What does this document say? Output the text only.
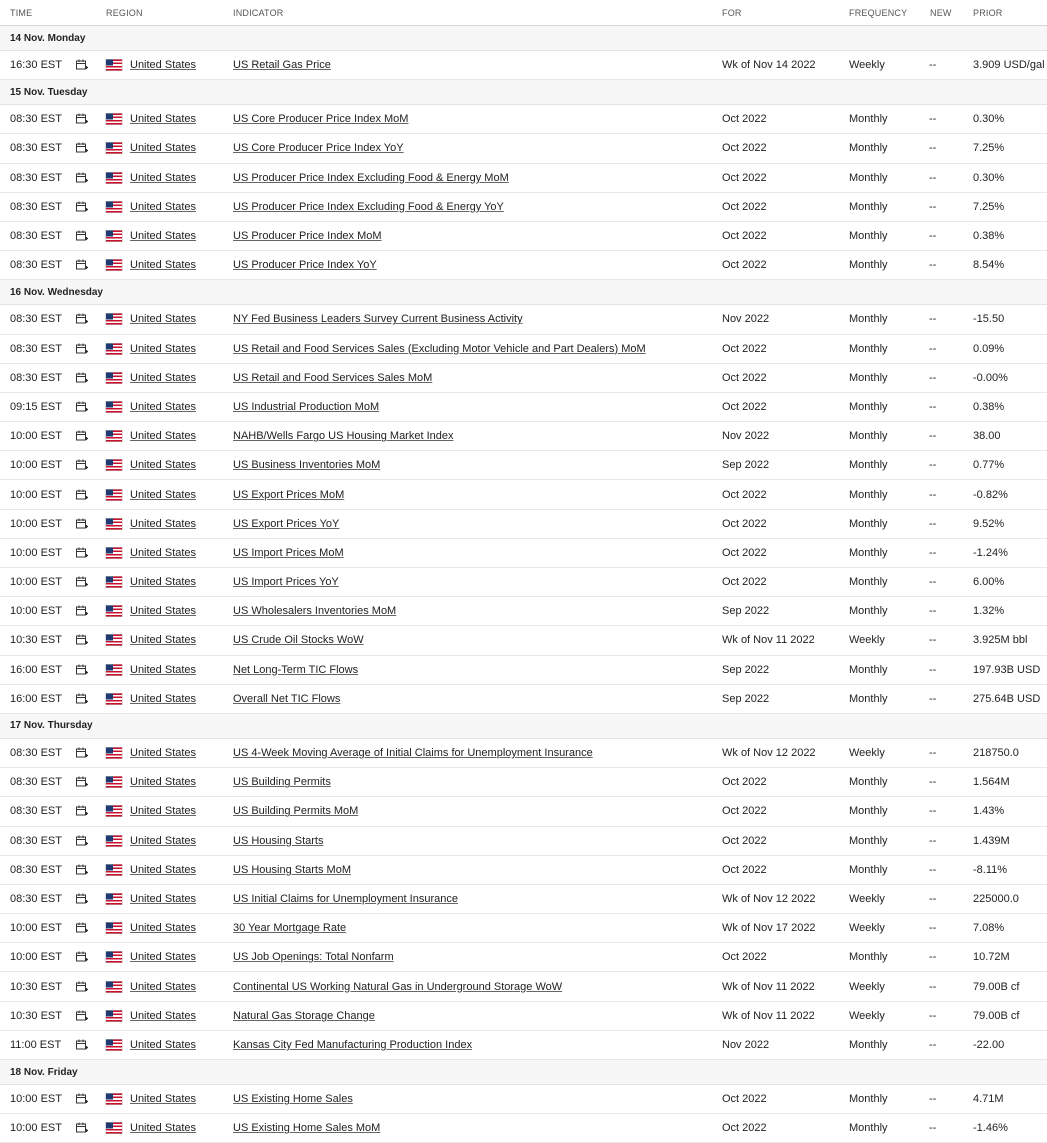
TIME	REGION	INDICATOR	FOR	FREQUENCY	NEW PRIOR
14 Nov. Monday
16:30 EST	United States	US Retail Gas Price	Wk of Nov 14 2022	Weekly	--	3.909 USD/gal
15 Nov. Tuesday
08:30 EST	United States	US Core Producer Price Index MoM	Oct 2022	Monthly	--	0.30%
08:30 EST	United States	US Core Producer Price Index YoY	Oct 2022	Monthly	--	7.25%
08:30 EST	United States	US Producer Price Index Excluding Food & Energy MoM	Oct 2022	Monthly	--	0.30%
08:30 EST	United States	US Producer Price Index Excluding Food & Energy YoY	Oct 2022	Monthly	--	7.25%
08:30 EST	United States	US Producer Price Index MoM	Oct 2022	Monthly	--	0.38%
08:30 EST	United States	US Producer Price Index YoY	Oct 2022	Monthly	--	8.54%
16 Nov. Wednesday
08:30 EST	United States	NY Fed Business Leaders Survey Current Business Activity	Nov 2022	Monthly	--	-15.50
08:30 EST	United States	US Retail and Food Services Sales (Excluding Motor Vehicle and Part Dealers) MoM	Oct 2022	Monthly	--	0.09%
08:30 EST	United States	US Retail and Food Services Sales MoM	Oct 2022	Monthly	--	-0.00%
09:15 EST	United States	US Industrial Production MoM	Oct 2022	Monthly	--	0.38%
10:00 EST	United States	NAHB/Wells Fargo US Housing Market Index	Nov 2022	Monthly	--	38.00
10:00 EST	United States	US Business Inventories MoM	Sep 2022	Monthly	--	0.77%
10:00 EST	United States	US Export Prices MoM	Oct 2022	Monthly	--	-0.82%
10:00 EST	United States	US Export Prices YoY	Oct 2022	Monthly	--	9.52%
10:00 EST	United States	US Import Prices MoM	Oct 2022	Monthly	--	-1.24%
10:00 EST	United States	US Import Prices YoY	Oct 2022	Monthly	--	6.00%
10:00 EST	United States	US Wholesalers Inventories MoM	Sep 2022	Monthly	--	1.32%
10:30 EST	United States	US Crude Oil Stocks WoW	Wk of Nov 11 2022	Weekly	--	3.925M bbl
16:00 EST	United States	Net Long-Term TIC Flows	Sep 2022	Monthly	--	197.93B USD
16:00 EST	United States	Overall Net TIC Flows	Sep 2022	Monthly	--	275.64B USD
17 Nov. Thursday
08:30 EST	United States	US 4-Week Moving Average of Initial Claims for Unemployment Insurance	Wk of Nov 12 2022	Weekly	--	218750.0
08:30 EST	United States	US Building Permits	Oct 2022	Monthly	--	1.564M
08:30 EST	United States	US Building Permits MoM	Oct 2022	Monthly	--	1.43%
08:30 EST	United States	US Housing Starts	Oct 2022	Monthly	--	1.439M
08:30 EST	United States	US Housing Starts MoM	Oct 2022	Monthly	--	-8.11%
08:30 EST	United States	US Initial Claims for Unemployment Insurance	Wk of Nov 12 2022	Weekly	--	225000.0
10:00 EST	United States	30 Year Mortgage Rate	Wk of Nov 17 2022	Weekly	--	7.08%
10:00 EST	United States	US Job Openings: Total Nonfarm	Oct 2022	Monthly	--	10.72M
10:30 EST	United States	Continental US Working Natural Gas in Underground Storage WoW	Wk of Nov 11 2022	Weekly	--	79.00B cf
10:30 EST	United States	Natural Gas Storage Change	Wk of Nov 11 2022	Weekly	--	79.00B cf
11:00 EST	United States	Kansas City Fed Manufacturing Production Index	Nov 2022	Monthly	--	-22.00
18 Nov. Friday
10:00 EST	United States	US Existing Home Sales	Oct 2022	Monthly	--	4.71M
10:00 EST	United States	US Existing Home Sales MoM	Oct 2022	Monthly	--	-1.46%
